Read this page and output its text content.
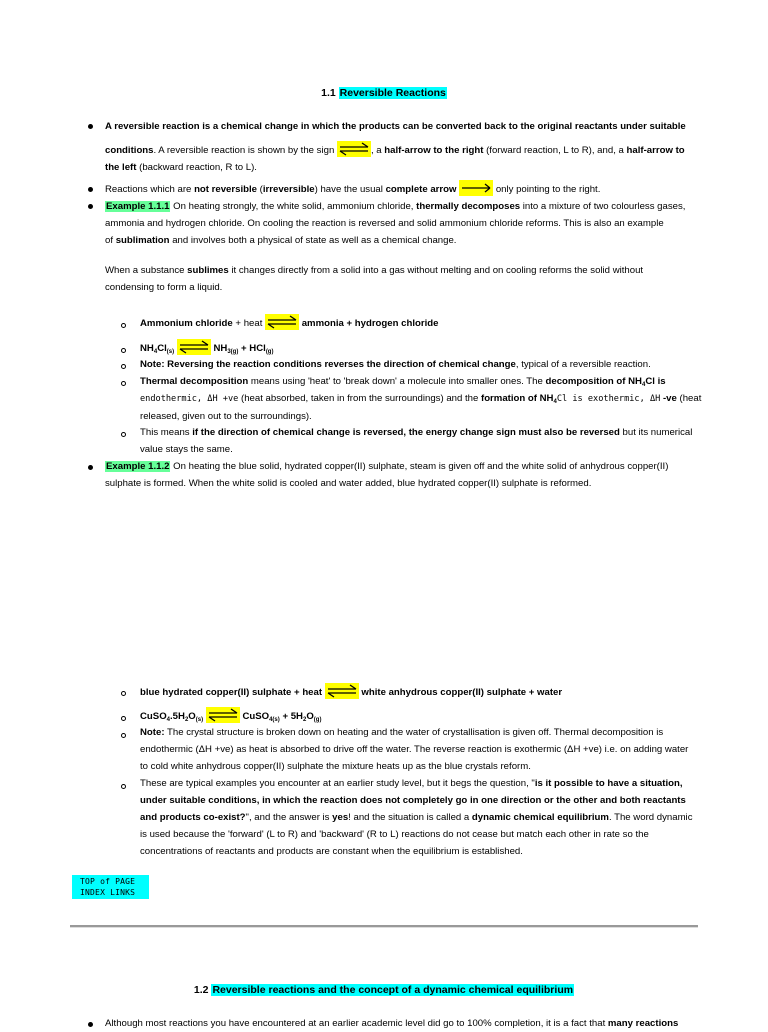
1.1 Reversible Reactions
A reversible reaction is a chemical change in which the products can be converted back to the original reactants under suitable
conditions. A reversible reaction is shown by the sign	, a half-arrow to the right (forward reaction, L to R), and, a half-arrow to
the left (backward reaction, R to L).
Reactions which are not reversible (irreversible) have the usual complete arrow	only pointing to the right.
Example 1.1.1 On heating strongly, the white solid, ammonium chloride, thermally decomposes into a mixture of two colourless gases,
ammonia and hydrogen chloride. On cooling the reaction is reversed and solid ammonium chloride reforms. This is also an example
of sublimation and involves both a physical of state as well as a chemical change.
When a substance sublimes it changes directly from a solid into a gas without melting and on cooling reforms the solid without
condensing to form a liquid.
Ammonium chloride + heat	ammonia + hydrogen chloride
$NH_4Cl_{(s)}$	$NH_{3(g)} + HCl_{(g)}$
Note: Reversing the reaction conditions reverses the direction of chemical change, typical of a reversible reaction.
Thermal decomposition means using 'heat' to 'break down' a molecule into smaller ones. The decomposition of $NH_4Cl$ is
endothermic, ΔH +ve (heat absorbed, taken in from the surroundings) and the formation of $NH_4Cl$ is exothermic, ΔH -ve (heat
released, given out to the surroundings).
This means if the direction of chemical change is reversed, the energy change sign must also be reversed but its numerical
value stays the same.
Example 1.1.2 On heating the blue solid, hydrated copper(II) sulphate, steam is given off and the white solid of anhydrous copper(II)
sulphate is formed. When the white solid is cooled and water added, blue hydrated copper(II) sulphate is reformed.
blue hydrated copper(II) sulphate + heat	white anhydrous copper(II) sulphate + water
$CuSO_4.5H_2O_{(s)}$	CuSO$_{4(s)}$ + $5H_2O_{(g)}$
Note: The crystal structure is broken down on heating and the water of crystallisation is given off. Thermal decomposition is
endothermic (ΔH +ve) as heat is absorbed to drive off the water. The reverse reaction is exothermic (ΔH +ve) i.e. on adding water
to cold white anhydrous copper(II) sulphate the mixture heats up as the blue crystals reform.
These are typical examples you encounter at an earlier study level, but it begs the question, "is it possible to have a situation,
under suitable conditions, in which the reaction does not completely go in one direction or the other and both reactants
and products co-exist?", and the answer is yes! and the situation is called a dynamic chemical equilibrium. The word dynamic
is used because the 'forward' (L to R) and 'backward' (R to L) reactions do not cease but match each other in rate so the
concentrations of reactants and products are constant when the equilibrium is established.
TOP of PAGE
INDEX LINKS
1.2 Reversible reactions and the concept of a dynamic chemical equilibrium
Although most reactions you have encountered at an earlier academic level did go to 100% completion, it is a fact that many reactions
